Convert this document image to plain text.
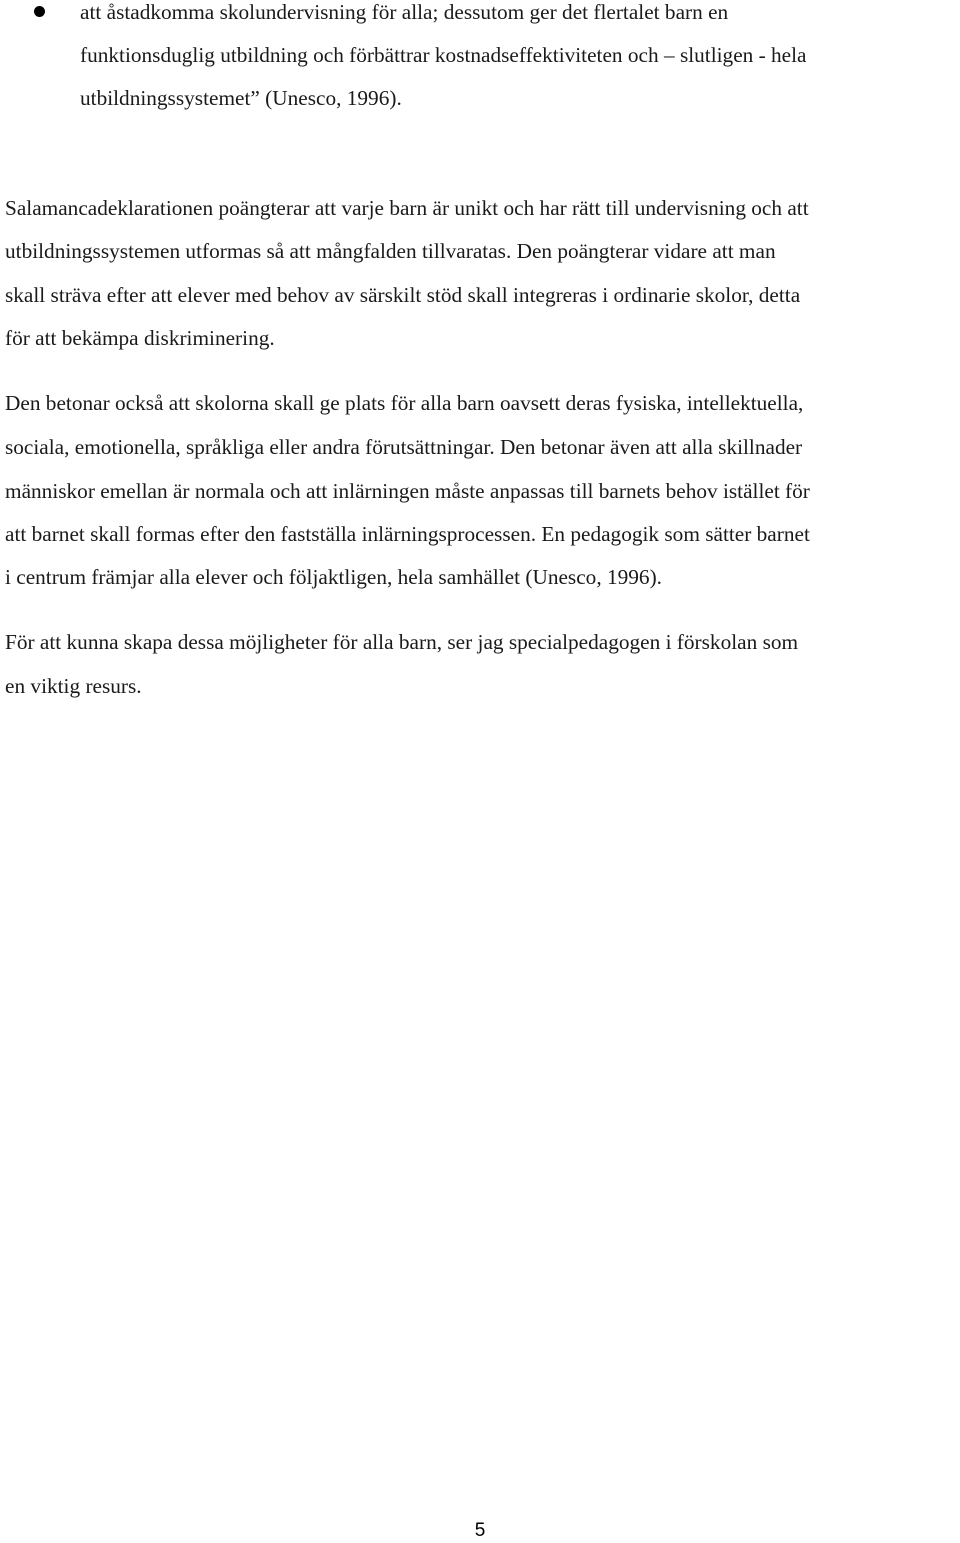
att åstadkomma skolundervisning för alla; dessutom ger det flertalet barn en
funktionsduglig utbildning och förbättrar kostnadseffektiviteten och – slutligen - hela
utbildningssystemet” (Unesco, 1996).
Salamancadeklarationen poängterar att varje barn är unikt och har rätt till undervisning och att
utbildningssystemen utformas så att mångfalden tillvaratas. Den poängterar vidare att man
skall sträva efter att elever med behov av särskilt stöd skall integreras i ordinarie skolor, detta
för att bekämpa diskriminering.
Den betonar också att skolorna skall ge plats för alla barn oavsett deras fysiska, intellektuella,
sociala, emotionella, språkliga eller andra förutsättningar. Den betonar även att alla skillnader
människor emellan är normala och att inlärningen måste anpassas till barnets behov istället för
att barnet skall formas efter den fastställa inlärningsprocessen. En pedagogik som sätter barnet
i centrum främjar alla elever och följaktligen, hela samhället (Unesco, 1996).
För att kunna skapa dessa möjligheter för alla barn, ser jag specialpedagogen i förskolan som
en viktig resurs.
5
